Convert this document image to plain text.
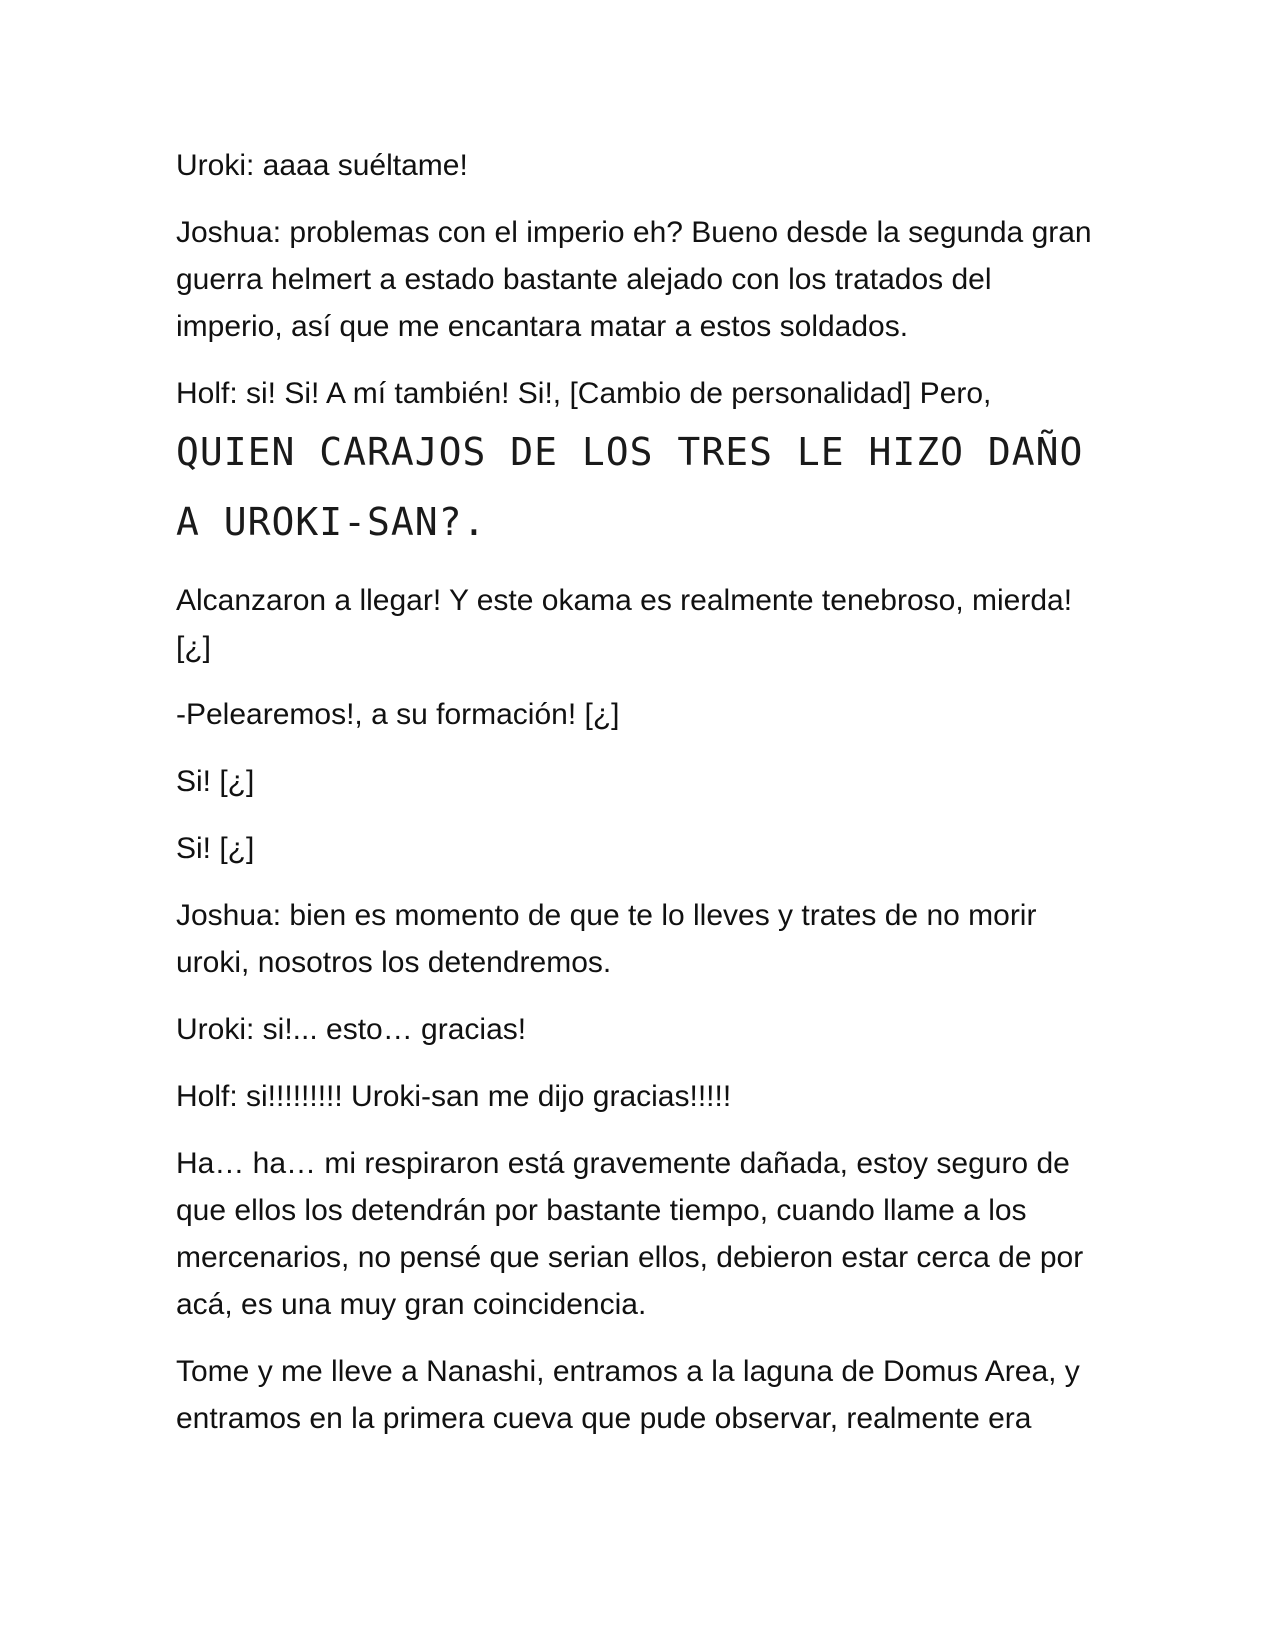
Uroki: aaaa suéltame!

Joshua: problemas con el imperio eh? Bueno desde la segunda gran guerra helmert a estado bastante alejado con los tratados del imperio, así que me encantara matar a estos soldados.

Holf: si! Si! A mí también! Si!, [Cambio de personalidad] Pero,
QUIEN CARAJOS DE LOS TRES LE HIZO DAÑO A UROKI-SAN?.

Alcanzaron a llegar! Y este okama es realmente tenebroso, mierda! [¿]

-Pelearemos!, a su formación! [¿]

Si! [¿]

Si! [¿]

Joshua: bien es momento de que te lo lleves y trates de no morir uroki, nosotros los detendremos.

Uroki: si!... esto… gracias!

Holf: si!!!!!!!!! Uroki-san me dijo gracias!!!!!

Ha… ha… mi respiraron está gravemente dañada, estoy seguro de que ellos los detendrán por bastante tiempo, cuando llame a los mercenarios, no pensé que serian ellos, debieron estar cerca de por acá, es una muy gran coincidencia.

Tome y me lleve a Nanashi, entramos a la laguna de Domus Area, y entramos en la primera cueva que pude observar, realmente era
